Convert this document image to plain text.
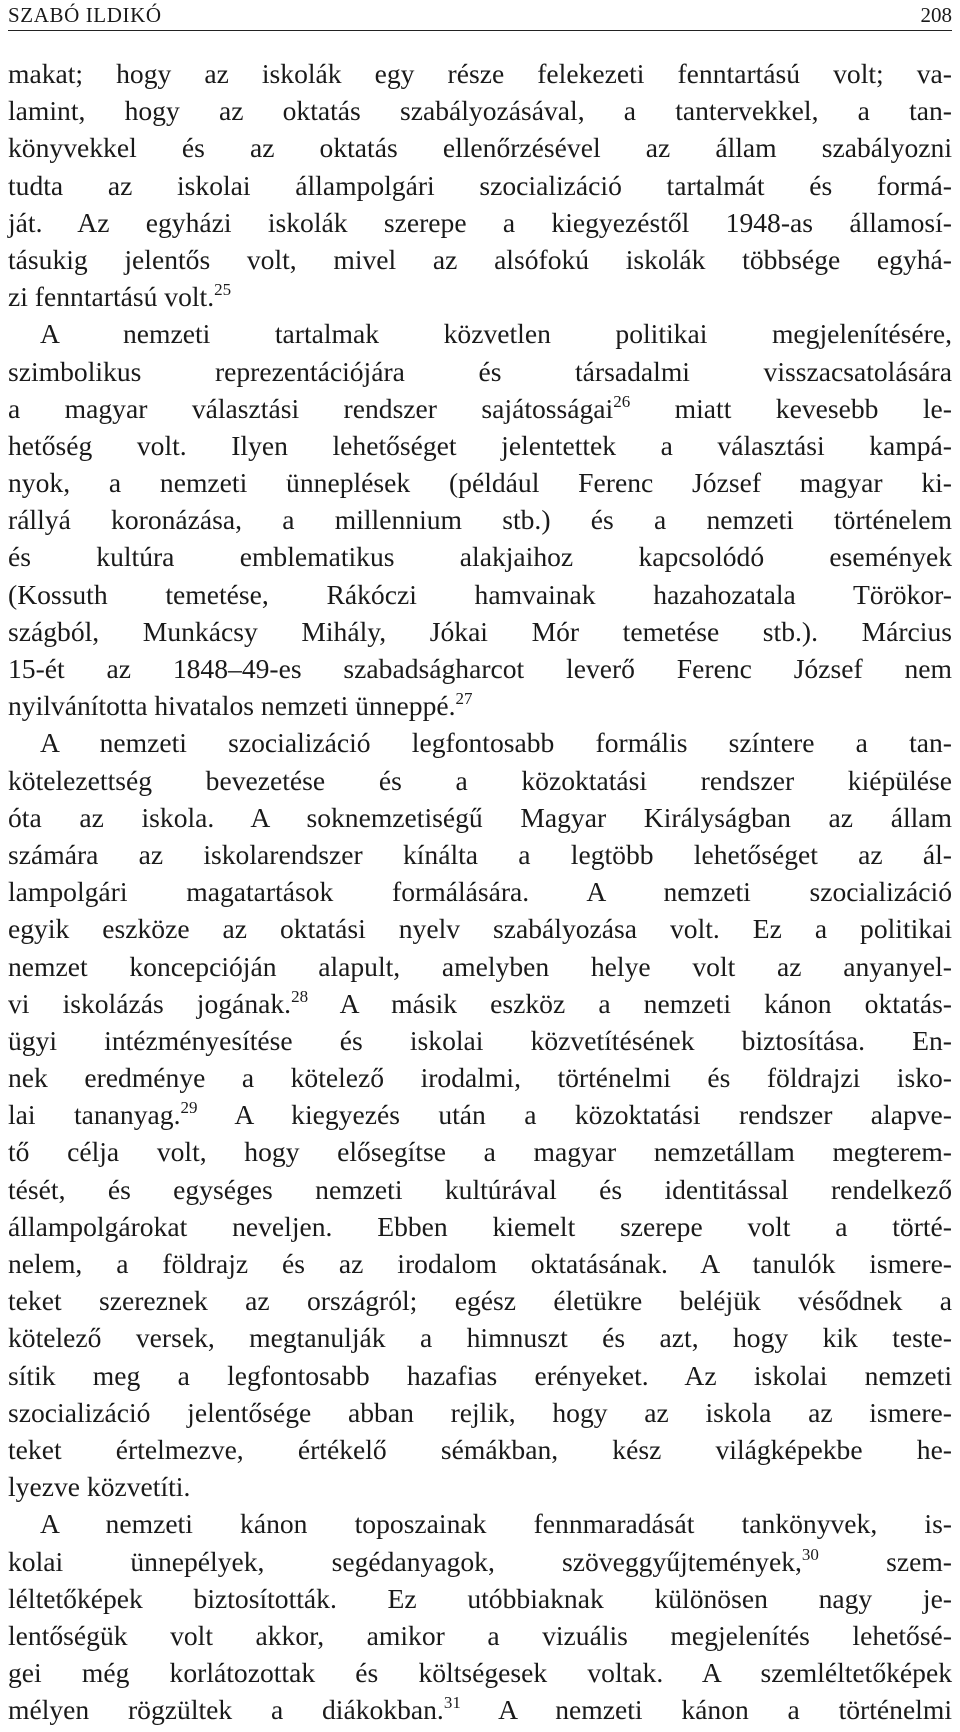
SZABÓ ILDIKÓ	208
makat; hogy az iskolák egy része felekezeti fenntartású volt; va-
lamint, hogy az oktatás szabályozásával, a tantervekkel, a tan-
könyvekkel és az oktatás ellenőrzésével az állam szabályozni
tudta az iskolai állampolgári szocializáció tartalmát és formá-
ját. Az egyházi iskolák szerepe a kiegyezéstől 1948-as államosí-
tásukig jelentős volt, mivel az alsófokú iskolák többsége egyhá-
zi fenntartású volt.$^{25}$
A nemzeti tartalmak közvetlen politikai megjelenítésére,
szimbolikus reprezentációjára és társadalmi visszacsatolására
a magyar választási rendszer sajátosságai$^{26}$ miatt kevesebb le-
hetőség volt. Ilyen lehetőséget jelentettek a választási kampá-
nyok, a nemzeti ünneplések (például Ferenc József magyar ki-
rállyá koronázása, a millennium stb.) és a nemzeti történelem
és kultúra emblematikus alakjaihoz kapcsolódó események
(Kossuth temetése, Rákóczi hamvainak hazahozatala Törökor-
szágból, Munkácsy Mihály, Jókai Mór temetése stb.). Március
15-ét az 1848–49-es szabadságharcot leverő Ferenc József nem
nyilvánította hivatalos nemzeti ünneppé.$^{27}$
A nemzeti szocializáció legfontosabb formális színtere a tan-
kötelezettség bevezetése és a közoktatási rendszer kiépülése
óta az iskola. A soknemzetiségű Magyar Királyságban az állam
számára az iskolarendszer kínálta a legtöbb lehetőséget az ál-
lampolgári magatartások formálására. A nemzeti szocializáció
egyik eszköze az oktatási nyelv szabályozása volt. Ez a politikai
nemzet koncepcióján alapult, amelyben helye volt az anyanyel-
vi iskolázás jogának.$^{28}$ A másik eszköz a nemzeti kánon oktatás-
ügyi intézményesítése és iskolai közvetítésének biztosítása. En-
nek eredménye a kötelező irodalmi, történelmi és földrajzi isko-
lai tananyag.$^{29}$ A kiegyezés után a közoktatási rendszer alapve-
tő célja volt, hogy elősegítse a magyar nemzetállam megterem-
tését, és egységes nemzeti kultúrával és identitással rendelkező
állampolgárokat neveljen. Ebben kiemelt szerepe volt a törté-
nelem, a földrajz és az irodalom oktatásának. A tanulók ismere-
teket szereznek az országról; egész életükre beléjük vésődnek a
kötelező versek, megtanulják a himnuszt és azt, hogy kik teste-
sítik meg a legfontosabb hazafias erényeket. Az iskolai nemzeti
szocializáció jelentősége abban rejlik, hogy az iskola az ismere-
teket értelmezve, értékelő sémákban, kész világképekbe he-
lyezve közvetíti.
A nemzeti kánon toposzainak fennmaradását tankönyvek, is-
kolai ünnepélyek, segédanyagok, szöveggyűjtemények,$^{30}$ szem-
léltetőképek biztosították. Ez utóbbiaknak különösen nagy je-
lentőségük volt akkor, amikor a vizuális megjelenítés lehetősé-
gei még korlátozottak és költségesek voltak. A szemléltetőképek
mélyen rögzültek a diákokban.$^{31}$ A nemzeti kánon a történelmi
